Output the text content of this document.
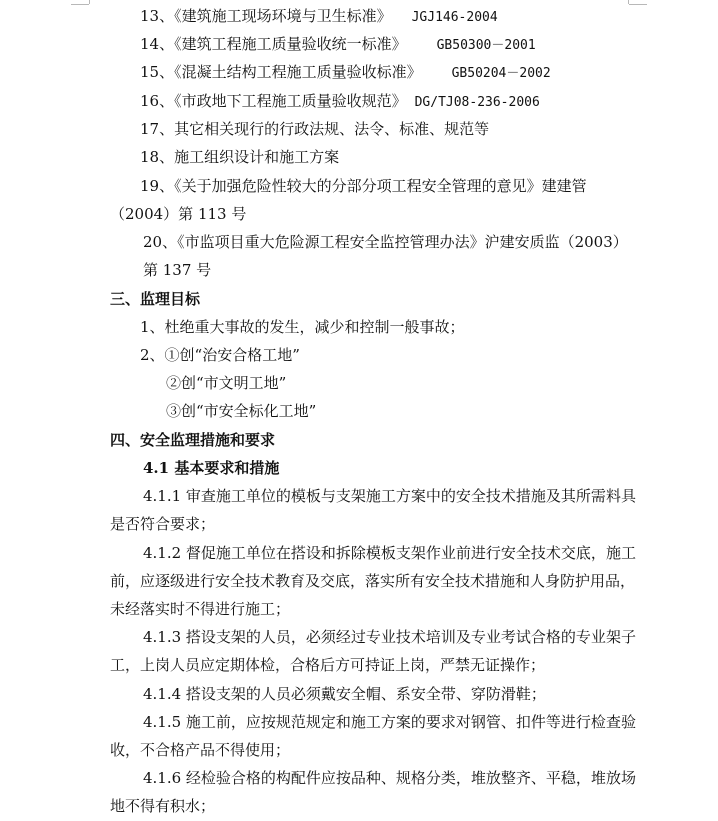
13、《建筑施工现场环境与卫生标准》 JGJ146-2004
14、《建筑工程施工质量验收统一标准》 GB50300－2001
15、《混凝土结构工程施工质量验收标准》 GB50204－2002
16、《市政地下工程施工质量验收规范》 DG/TJ08-236-2006
17、其它相关现行的行政法规、法令、标准、规范等
18、施工组织设计和施工方案
19、《关于加强危险性较大的分部分项工程安全管理的意见》建建管
（2004）第 113 号
20、《市监项目重大危险源工程安全监控管理办法》沪建安质监（2003）
第 137 号
三、监理目标
1、杜绝重大事故的发生，减少和控制一般事故；
2、①创“治安合格工地”
②创“市文明工地”
③创“市安全标化工地”
四、安全监理措施和要求
4.1 基本要求和措施
4.1.1 审查施工单位的模板与支架施工方案中的安全技术措施及其所需料具
是否符合要求；
4.1.2 督促施工单位在搭设和拆除模板支架作业前进行安全技术交底，施工
前，应逐级进行安全技术教育及交底，落实所有安全技术措施和人身防护用品，
未经落实时不得进行施工；
4.1.3 搭设支架的人员，必须经过专业技术培训及专业考试合格的专业架子
工，上岗人员应定期体检，合格后方可持证上岗，严禁无证操作；
4.1.4 搭设支架的人员必须戴安全帽、系安全带、穿防滑鞋；
4.1.5 施工前，应按规范规定和施工方案的要求对钢管、扣件等进行检查验
收，不合格产品不得使用；
4.1.6 经检验合格的构配件应按品种、规格分类，堆放整齐、平稳，堆放场
地不得有积水；
